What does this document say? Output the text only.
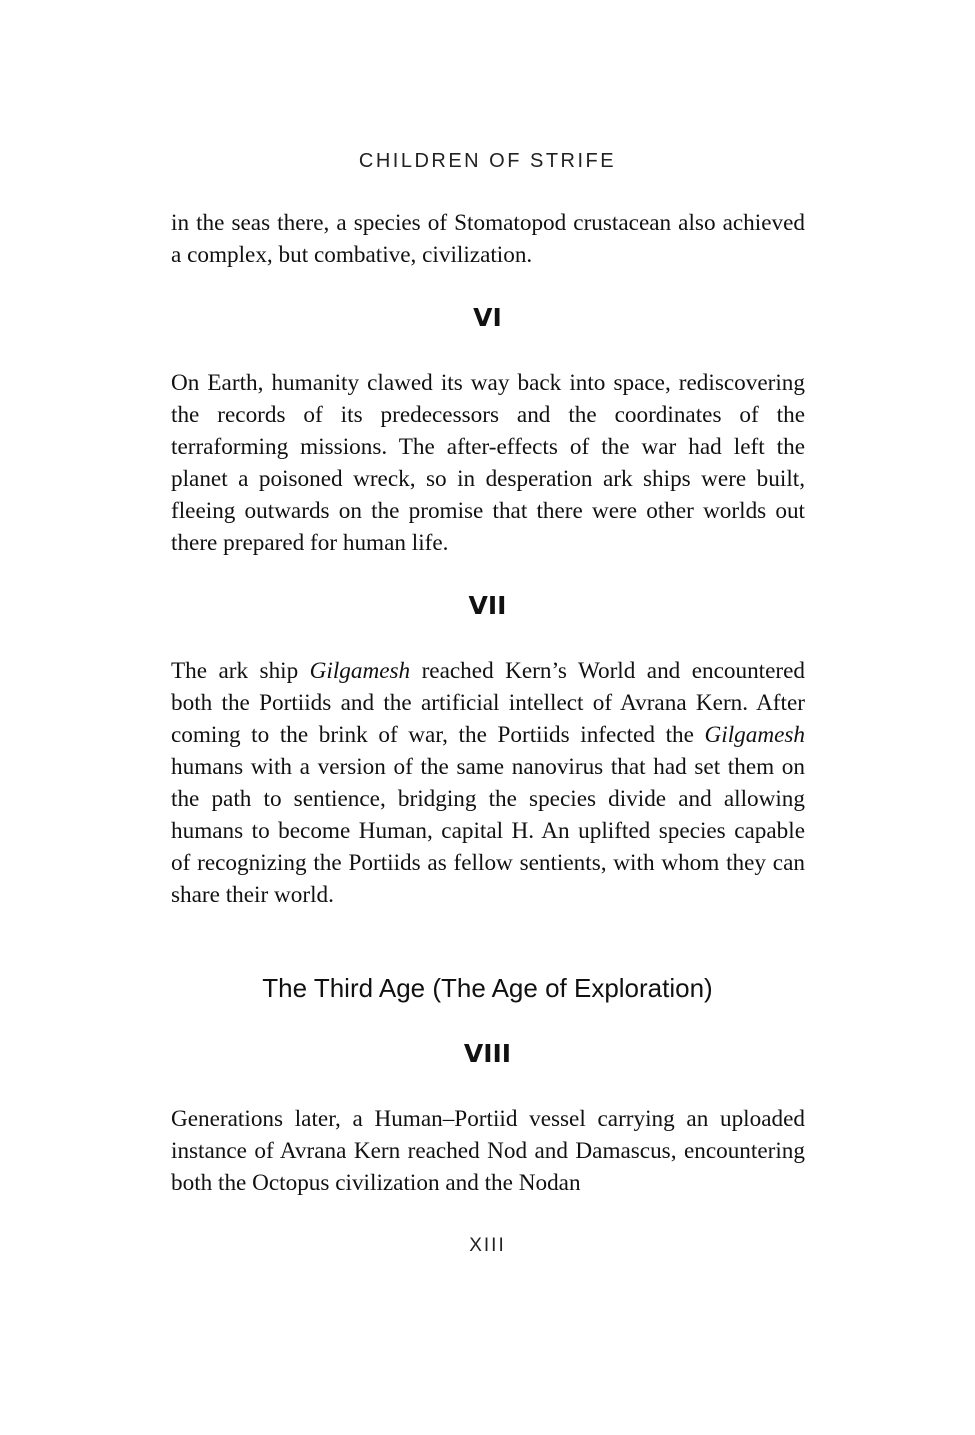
CHILDREN OF STRIFE

in the seas there, a species of Stomatopod crustacean also achieved a complex, but combative, civilization.

VI

On Earth, humanity clawed its way back into space, rediscovering the records of its predecessors and the coordinates of the terraforming missions. The after-effects of the war had left the planet a poisoned wreck, so in desperation ark ships were built, fleeing outwards on the promise that there were other worlds out there prepared for human life.

VII

The ark ship Gilgamesh reached Kern’s World and encountered both the Portiids and the artificial intellect of Avrana Kern. After coming to the brink of war, the Portiids infected the Gilgamesh humans with a version of the same nanovirus that had set them on the path to sentience, bridging the species divide and allowing humans to become Human, capital H. An uplifted species capable of recognizing the Portiids as fellow sentients, with whom they can share their world.

The Third Age (The Age of Exploration)
VIII

Generations later, a Human–Portiid vessel carrying an uploaded instance of Avrana Kern reached Nod and Damascus, encountering both the Octopus civilization and the Nodan

XIII
